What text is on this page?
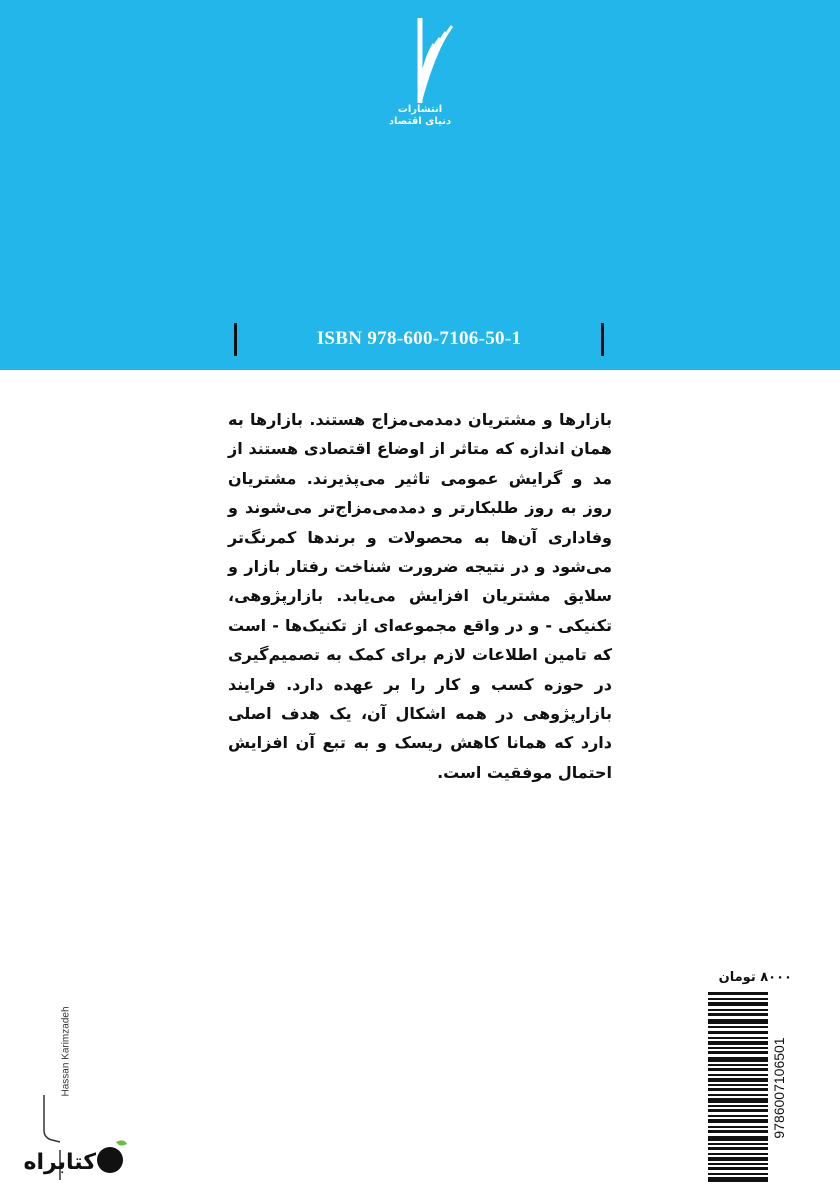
انتشارات
دنیای اقتصاد
ISBN 978-600-7106-50-1
بازارها و مشتریان دمدمی‌مزاج هستند. بازارها به همان اندازه که متاثر از اوضاع اقتصادی هستند از مد و گرایش عمومی تاثیر می‌پذیرند. مشتریان روز به روز طلبکارتر و دمدمی‌مزاج‌تر می‌شوند و وفاداری آن‌ها به محصولات و برندها کمرنگ‌تر می‌شود و در نتیجه ضرورت شناخت رفتار بازار و سلایق مشتریان افزایش می‌یابد. بازارپژوهی، تکنیکی - و در واقع مجموعه‌ای از تکنیک‌ها - است که تامین اطلاعات لازم برای کمک به تصمیم‌گیری در حوزه کسب و کار را بر عهده دارد. فرایند بازارپژوهی در همه اشکال آن، یک هدف اصلی دارد که همانا کاهش ریسک و به تبع آن افزایش احتمال موفقیت است.
Hassan Karimzadeh
کتابراه
۸۰۰۰ تومان
9786007106501
